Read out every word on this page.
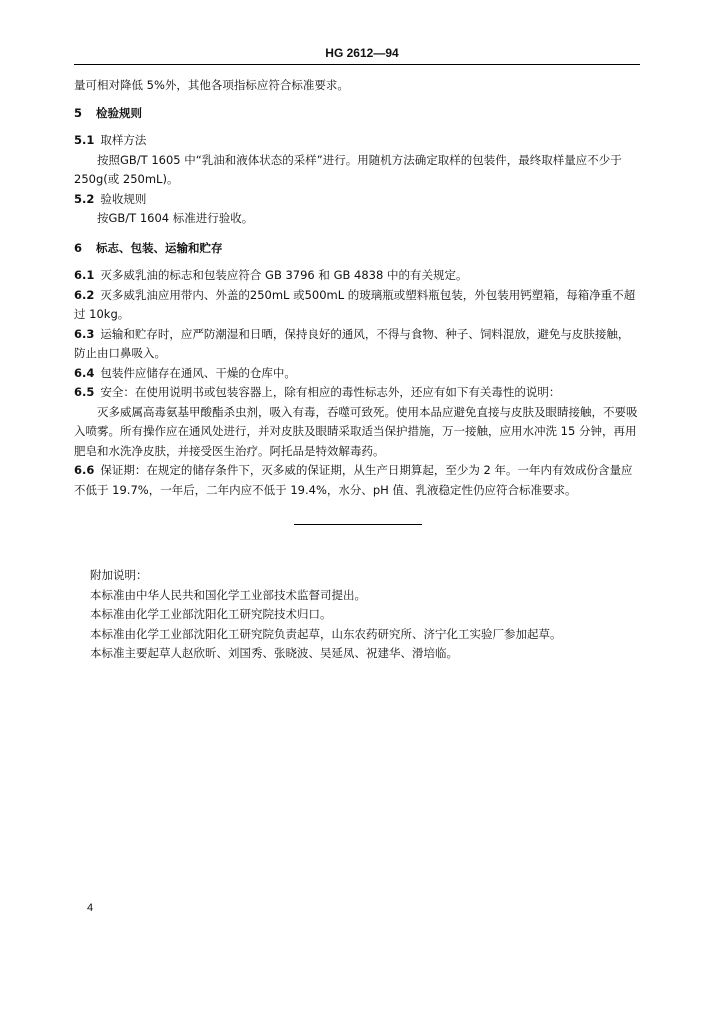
HG 2612—94

量可相对降低 5%外，其他各项指标应符合标准要求。

5 检验规则
5.1 取样方法

按照GB/T 1605 中“乳油和液体状态的采样”进行。用随机方法确定取样的包装件，最终取样量应不少于250g(或 250mL)。

5.2 验收规则

按GB/T 1604 标准进行验收。

6 标志、包装、运输和贮存

6.1 灭多威乳油的标志和包装应符合 GB 3796 和 GB 4838 中的有关规定。

6.2 灭多威乳油应用带内、外盖的250mL 或500mL 的玻璃瓶或塑料瓶包装，外包装用钙塑箱，每箱净重不超过 10kg。

6.3 运输和贮存时，应严防潮湿和日晒，保持良好的通风，不得与食物、种子、饲料混放，避免与皮肤接触，防止由口鼻吸入。

6.4 包装件应储存在通风、干燥的仓库中。

6.5 安全：在使用说明书或包装容器上，除有相应的毒性标志外，还应有如下有关毒性的说明：

灭多威属高毒氨基甲酸酯杀虫剂，吸入有毒，吞噬可致死。使用本品应避免直接与皮肤及眼睛接触，不要吸入喷雾。所有操作应在通风处进行，并对皮肤及眼睛采取适当保护措施，万一接触，应用水冲洗 15 分钟，再用肥皂和水洗净皮肤，并接受医生治疗。阿托品是特效解毒药。

6.6 保证期：在规定的储存条件下，灭多威的保证期，从生产日期算起，至少为 2 年。一年内有效成份含量应不低于 19.7%，一年后，二年内应不低于 19.4%，水分、pH 值、乳液稳定性仍应符合标准要求。

附加说明：

本标准由中华人民共和国化学工业部技术监督司提出。

本标准由化学工业部沈阳化工研究院技术归口。

本标准由化学工业部沈阳化工研究院负责起草，山东农药研究所、济宁化工实验厂参加起草。

本标准主要起草人赵欣昕、刘国秀、张晓波、吴延凤、祝建华、滑培临。

4
